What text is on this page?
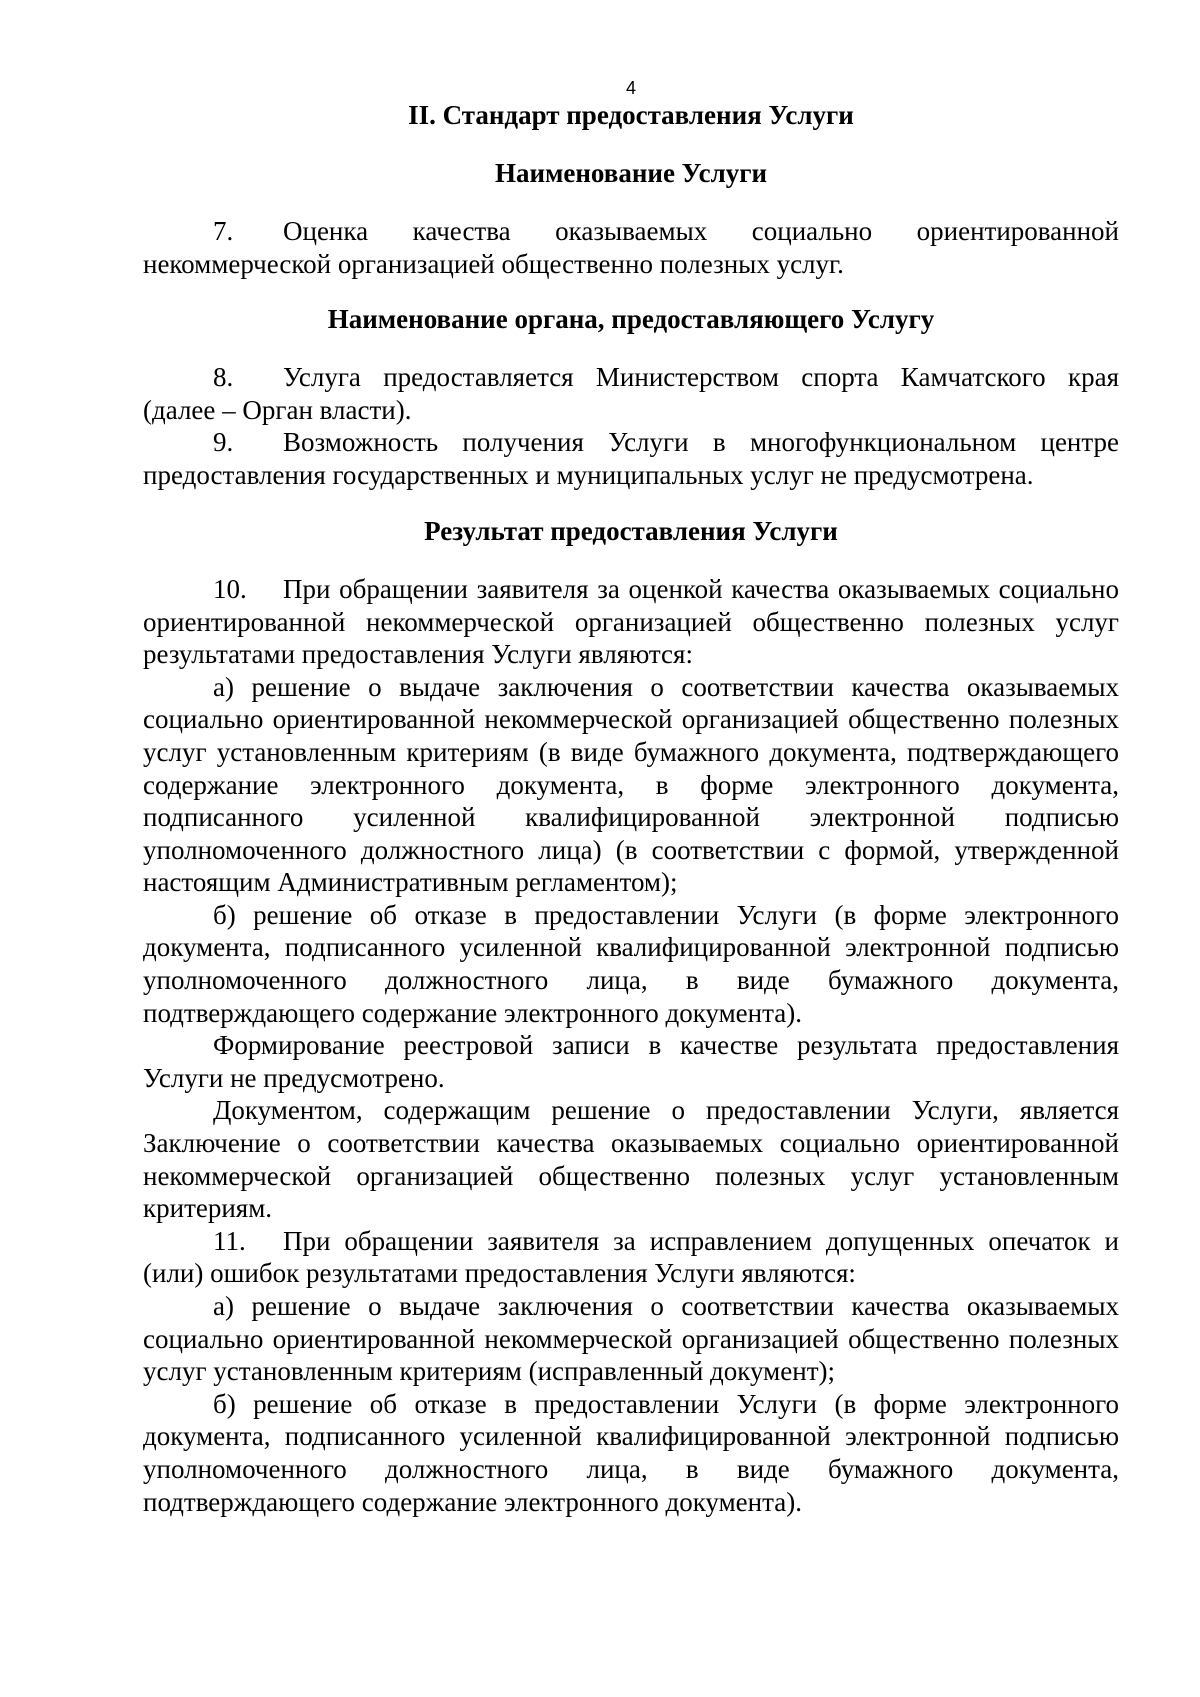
4

II. Стандарт предоставления Услуги

Наименование Услуги

7. Оценка качества оказываемых социально ориентированной некоммерческой организацией общественно полезных услуг.

Наименование органа, предоставляющего Услугу

8. Услуга предоставляется Министерством спорта Камчатского края (далее – Орган власти).

9. Возможность получения Услуги в многофункциональном центре предоставления государственных и муниципальных услуг не предусмотрена.

Результат предоставления Услуги

10. При обращении заявителя за оценкой качества оказываемых социально ориентированной некоммерческой организацией общественно полезных услуг результатами предоставления Услуги являются:

а) решение о выдаче заключения о соответствии качества оказываемых социально ориентированной некоммерческой организацией общественно полезных услуг установленным критериям (в виде бумажного документа, подтверждающего содержание электронного документа, в форме электронного документа, подписанного усиленной квалифицированной электронной подписью уполномоченного должностного лица) (в соответствии с формой, утвержденной настоящим Административным регламентом);

б) решение об отказе в предоставлении Услуги (в форме электронного документа, подписанного усиленной квалифицированной электронной подписью уполномоченного должностного лица, в виде бумажного документа, подтверждающего содержание электронного документа).

Формирование реестровой записи в качестве результата предоставления Услуги не предусмотрено.

Документом, содержащим решение о предоставлении Услуги, является Заключение о соответствии качества оказываемых социально ориентированной некоммерческой организацией общественно полезных услуг установленным критериям.

11. При обращении заявителя за исправлением допущенных опечаток и (или) ошибок результатами предоставления Услуги являются:

а) решение о выдаче заключения о соответствии качества оказываемых социально ориентированной некоммерческой организацией общественно полезных услуг установленным критериям (исправленный документ);

б) решение об отказе в предоставлении Услуги (в форме электронного документа, подписанного усиленной квалифицированной электронной подписью уполномоченного должностного лица, в виде бумажного документа, подтверждающего содержание электронного документа).
